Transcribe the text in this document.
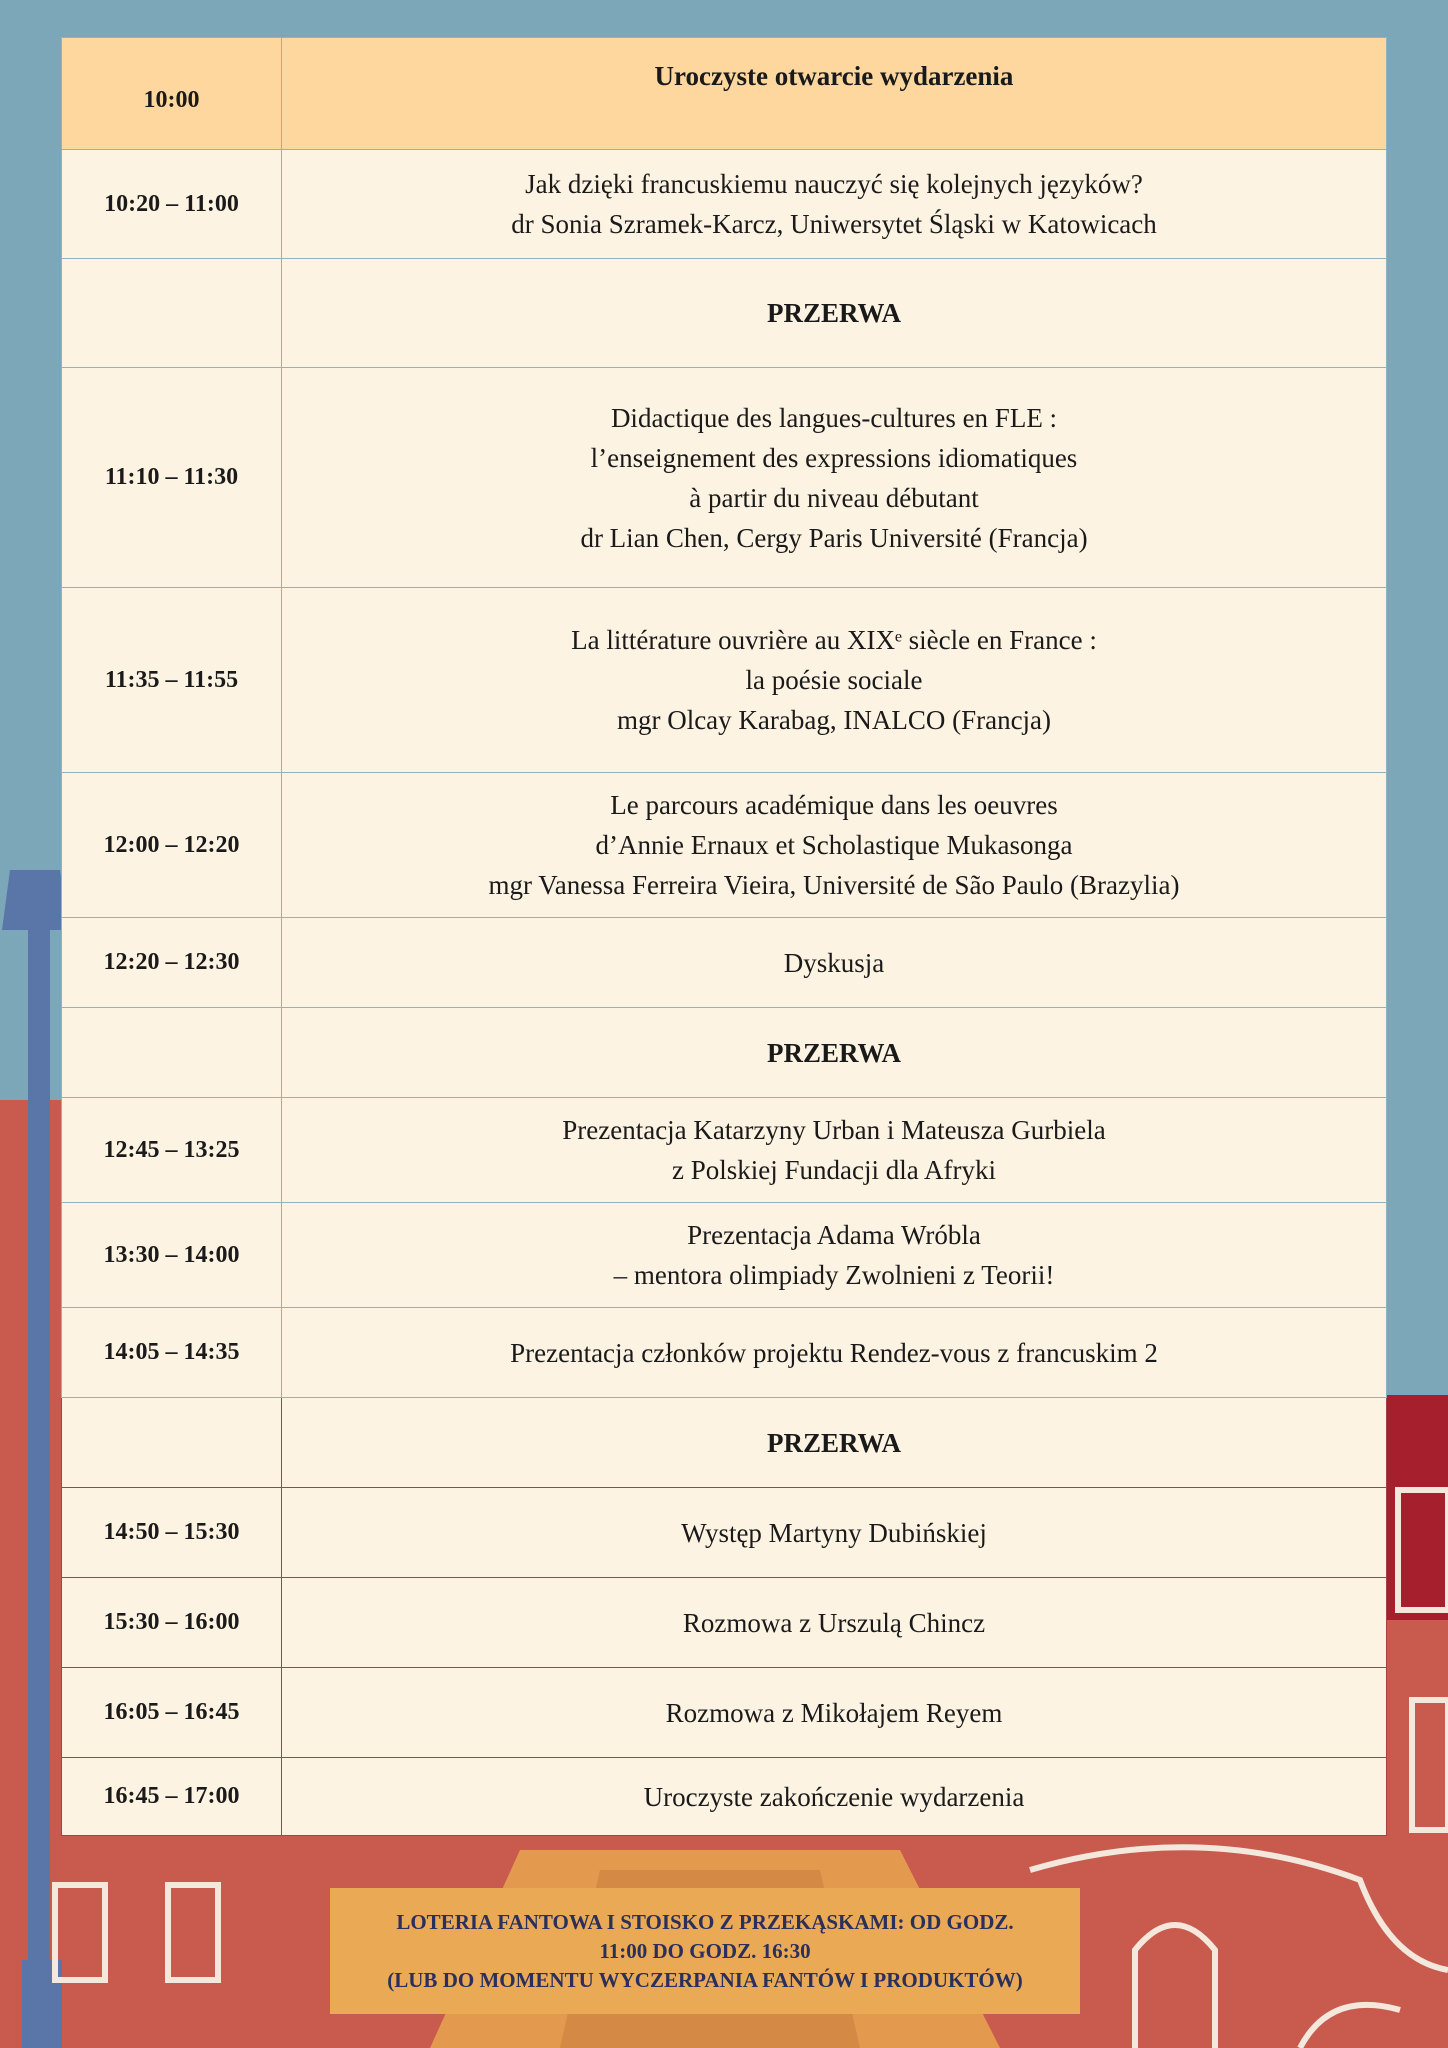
10:00	Uroczyste otwarcie wydarzenia

10:20 – 11:00	Jak dzięki francuskiemu nauczyć się kolejnych języków?
dr Sonia Szramek-Karcz, Uniwersytet Śląski w Katowicach

	PRZERWA

11:10 – 11:30	Didactique des langues-cultures en FLE :
l’enseignement des expressions idiomatiques
à partir du niveau débutant
dr Lian Chen, Cergy Paris Université (Francja)

11:35 – 11:55	La littérature ouvrière au XIXᵉ siècle en France :
la poésie sociale
mgr Olcay Karabag, INALCO (Francja)

12:00 – 12:20	Le parcours académique dans les oeuvres
d’Annie Ernaux et Scholastique Mukasonga
mgr Vanessa Ferreira Vieira, Université de São Paulo (Brazylia)

12:20 – 12:30	Dyskusja

	PRZERWA

12:45 – 13:25	Prezentacja Katarzyny Urban i Mateusza Gurbiela
z Polskiej Fundacji dla Afryki

13:30 – 14:00	Prezentacja Adama Wróbla
– mentora olimpiady Zwolnieni z Teorii!

14:05 – 14:35	Prezentacja członków projektu Rendez-vous z francuskim 2

	PRZERWA

14:50 – 15:30	Występ Martyny Dubińskiej

15:30 – 16:00	Rozmowa z Urszulą Chincz

16:05 – 16:45	Rozmowa z Mikołajem Reyem

16:45 – 17:00	Uroczyste zakończenie wydarzenia
LOTERIA FANTOWA I STOISKO Z PRZEKĄSKAMI: OD GODZ.
11:00 DO GODZ. 16:30
(LUB DO MOMENTU WYCZERPANIA FANTÓW I PRODUKTÓW)
